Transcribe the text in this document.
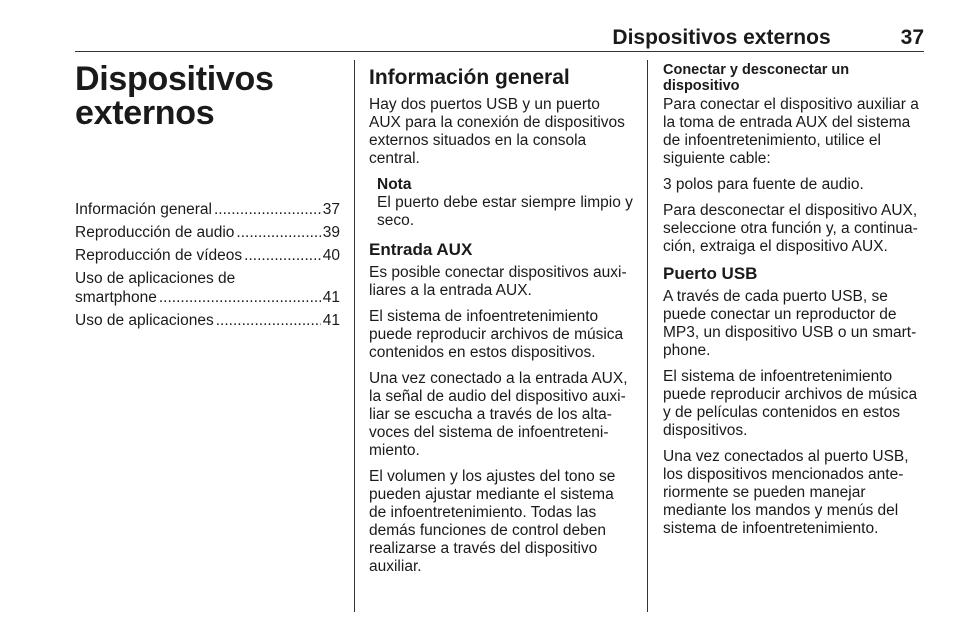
Dispositivos externos	37
Dispositivos
externos
Información general .....	37
Reproducción de audio .....	39
Reproducción de vídeos .....	40
Uso de aplicaciones de
smartphone .....	41
Uso de aplicaciones .....	41
Información general

Hay dos puertos USB y un puerto AUX para la conexión de dispositivos externos situados en la consola central.

Nota

El puerto debe estar siempre limpio y seco.

Entrada AUX

Es posible conectar dispositivos auxiliares a la entrada AUX.

El sistema de infoentretenimiento puede reproducir archivos de música contenidos en estos dispositivos.

Una vez conectado a la entrada AUX, la señal de audio del dispositivo auxiliar se escucha a través de los altavoces del sistema de infoentretenimiento.

El volumen y los ajustes del tono se pueden ajustar mediante el sistema de infoentretenimiento. Todas las demás funciones de control deben realizarse a través del dispositivo auxiliar.

Conectar y desconectar un dispositivo

Para conectar el dispositivo auxiliar a la toma de entrada AUX del sistema de infoentretenimiento, utilice el siguiente cable:

3 polos para fuente de audio.

Para desconectar el dispositivo AUX, seleccione otra función y, a continuación, extraiga el dispositivo AUX.

Puerto USB

A través de cada puerto USB, se puede conectar un reproductor de MP3, un dispositivo USB o un smartphone.

El sistema de infoentretenimiento puede reproducir archivos de música y de películas contenidos en estos dispositivos.

Una vez conectados al puerto USB, los dispositivos mencionados anteriormente se pueden manejar mediante los mandos y menús del sistema de infoentretenimiento.
